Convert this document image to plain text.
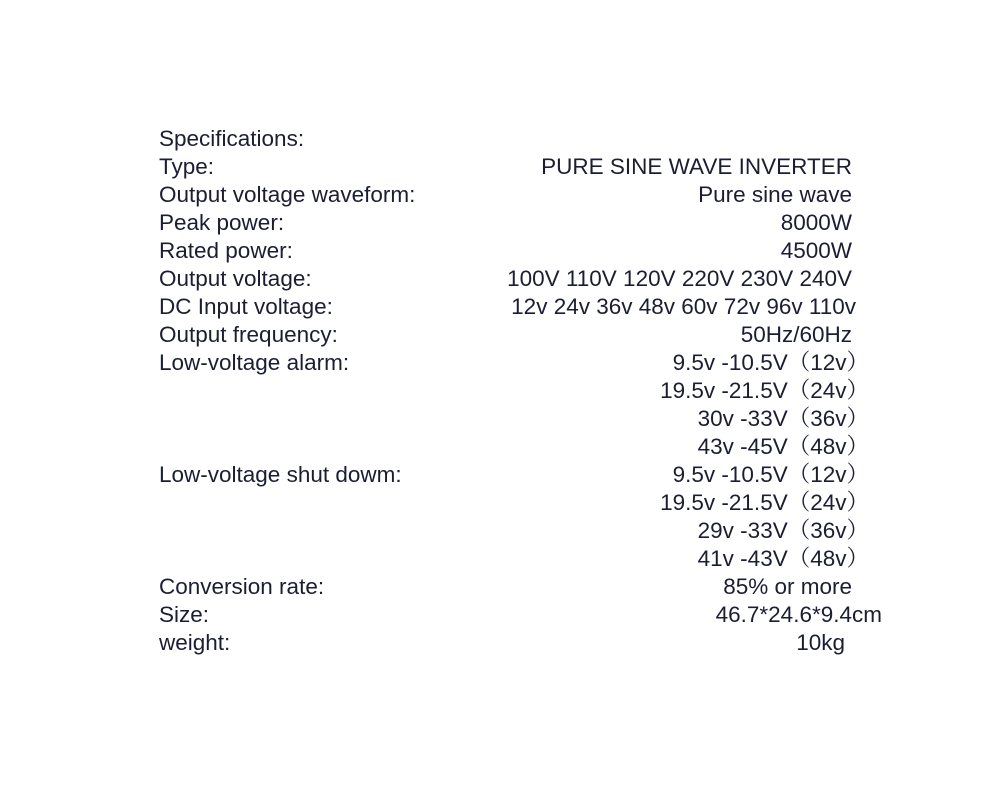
Specifications:
Type:	PURE SINE WAVE INVERTER
Output voltage waveform:	Pure sine wave
Peak power:	8000W
Rated power:	4500W
Output voltage:	100V 110V 120V 220V 230V 240V
DC Input voltage:	12v 24v 36v 48v 60v 72v 96v 110v
Output frequency:	50Hz/60Hz
Low-voltage alarm:	9.5v -10.5V（12v）
19.5v -21.5V（24v）
30v -33V（36v）
43v -45V（48v）
Low-voltage shut dowm:	9.5v -10.5V（12v）
19.5v -21.5V（24v）
29v -33V（36v）
41v -43V（48v）
Conversion rate:	85% or more
Size:	46.7*24.6*9.4cm
weight:	10kg
